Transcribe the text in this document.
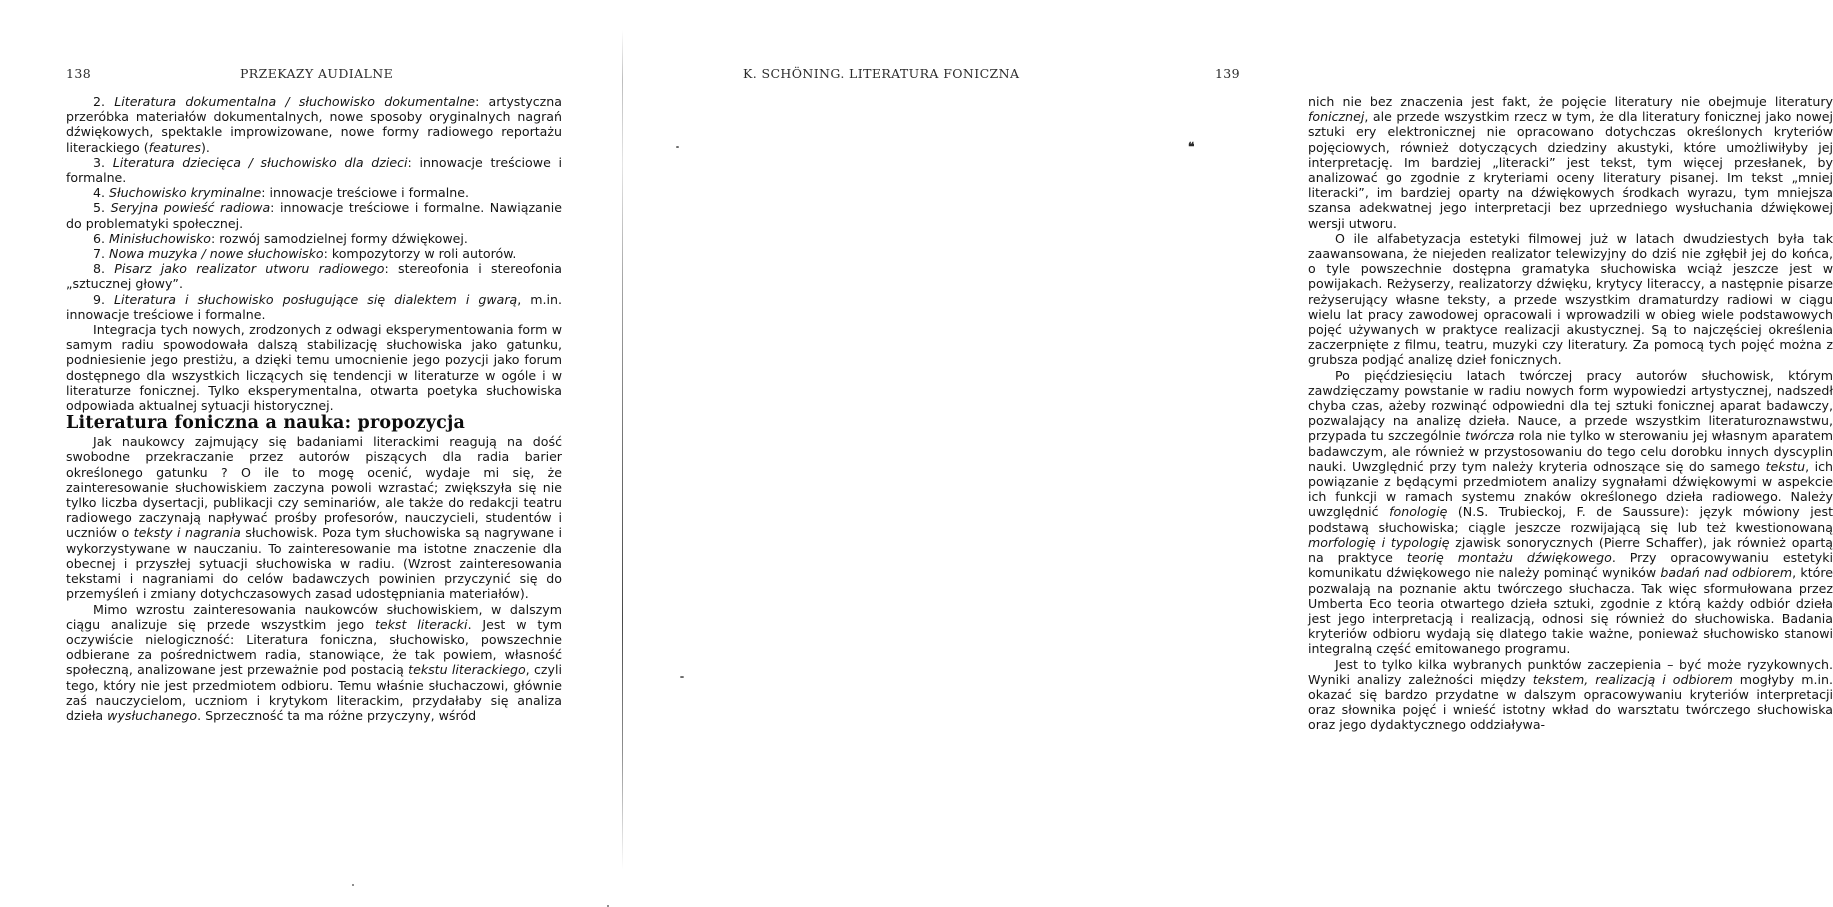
138	PRZEKAZY AUDIALNE

2. Literatura dokumentalna / słuchowisko dokumentalne: artystyczna przeróbka materiałów dokumentalnych, nowe sposoby oryginalnych nagrań dźwiękowych, spektakle improwizowane, nowe formy radiowego reportażu literackiego (features).

3. Literatura dziecięca / słuchowisko dla dzieci: innowacje treściowe i formalne.

4. Słuchowisko kryminalne: innowacje treściowe i formalne.

5. Seryjna powieść radiowa: innowacje treściowe i formalne. Nawiązanie do problematyki społecznej.

6. Minisłuchowisko: rozwój samodzielnej formy dźwiękowej.

7. Nowa muzyka / nowe słuchowisko: kompozytorzy w roli autorów.

8. Pisarz jako realizator utworu radiowego: stereofonia i stereofonia „sztucznej głowy”.

9. Literatura i słuchowisko posługujące się dialektem i gwarą, m.in. innowacje treściowe i formalne.

Integracja tych nowych, zrodzonych z odwagi eksperymentowania form w samym radiu spowodowała dalszą stabilizację słuchowiska jako gatunku, podniesienie jego prestiżu, a dzięki temu umocnienie jego pozycji jako forum dostępnego dla wszystkich liczących się tendencji w literaturze w ogóle i w literaturze fonicznej. Tylko eksperymentalna, otwarta poetyka słuchowiska odpowiada aktualnej sytuacji historycznej.

Literatura foniczna a nauka: propozycja

Jak naukowcy zajmujący się badaniami literackimi reagują na dość swobodne przekraczanie przez autorów piszących dla radia barier określonego gatunku ? O ile to mogę ocenić, wydaje mi się, że zainteresowanie słuchowiskiem zaczyna powoli wzrastać; zwiększyła się nie tylko liczba dysertacji, publikacji czy seminariów, ale także do redakcji teatru radiowego zaczynają napływać prośby profesorów, nauczycieli, studentów i uczniów o teksty i nagrania słuchowisk. Poza tym słuchowiska są nagrywane i wykorzystywane w nauczaniu. To zainteresowanie ma istotne znaczenie dla obecnej i przyszłej sytuacji słuchowiska w radiu. (Wzrost zainteresowania tekstami i nagraniami do celów badawczych powinien przyczynić się do przemyśleń i zmiany dotychczasowych zasad udostępniania materiałów).

Mimo wzrostu zainteresowania naukowców słuchowiskiem, w dalszym ciągu analizuje się przede wszystkim jego tekst literacki. Jest w tym oczywiście nielogiczność: Literatura foniczna, słuchowisko, powszechnie odbierane za pośrednictwem radia, stanowiące, że tak powiem, własność społeczną, analizowane jest przeważnie pod postacią tekstu literackiego, czyli tego, który nie jest przedmiotem odbioru. Temu właśnie słuchaczowi, głównie zaś nauczycielom, uczniom i krytykom literackim, przydałaby się analiza dzieła wysłuchanego. Sprzeczność ta ma różne przyczyny, wśród

K. SCHÖNING. LITERATURA FONICZNA	139

nich nie bez znaczenia jest fakt, że pojęcie literatury nie obejmuje literatury fonicznej, ale przede wszystkim rzecz w tym, że dla literatury fonicznej jako nowej sztuki ery elektronicznej nie opracowano dotychczas określonych kryteriów pojęciowych, również dotyczących dziedziny akustyki, które umożliwiłyby jej interpretację. Im bardziej „literacki” jest tekst, tym więcej przesłanek, by analizować go zgodnie z kryteriami oceny literatury pisanej. Im tekst „mniej literacki”, im bardziej oparty na dźwiękowych środkach wyrazu, tym mniejsza szansa adekwatnej jego interpretacji bez uprzedniego wysłuchania dźwiękowej wersji utworu.

O ile alfabetyzacja estetyki filmowej już w latach dwudziestych była tak zaawansowana, że niejeden realizator telewizyjny do dziś nie zgłębił jej do końca, o tyle powszechnie dostępna gramatyka słuchowiska wciąż jeszcze jest w powijakach. Reżyserzy, realizatorzy dźwięku, krytycy literaccy, a następnie pisarze reżyserujący własne teksty, a przede wszystkim dramaturdzy radiowi w ciągu wielu lat pracy zawodowej opracowali i wprowadzili w obieg wiele podstawowych pojęć używanych w praktyce realizacji akustycznej. Są to najczęściej określenia zaczerpnięte z filmu, teatru, muzyki czy literatury. Za pomocą tych pojęć można z grubsza podjąć analizę dzieł fonicznych.

Po pięćdziesięciu latach twórczej pracy autorów słuchowisk, którym zawdzięczamy powstanie w radiu nowych form wypowiedzi artystycznej, nadszedł chyba czas, ażeby rozwinąć odpowiedni dla tej sztuki fonicznej aparat badawczy, pozwalający na analizę dzieła. Nauce, a przede wszystkim literaturoznawstwu, przypada tu szczególnie twórcza rola nie tylko w sterowaniu jej własnym aparatem badawczym, ale również w przystosowaniu do tego celu dorobku innych dyscyplin nauki. Uwzględnić przy tym należy kryteria odnoszące się do samego tekstu, ich powiązanie z będącymi przedmiotem analizy sygnałami dźwiękowymi w aspekcie ich funkcji w ramach systemu znaków określonego dzieła radiowego. Należy uwzględnić fonologię (N.S. Trubieckoj, F. de Saussure): język mówiony jest podstawą słuchowiska; ciągle jeszcze rozwijającą się lub też kwestionowaną morfologię i typologię zjawisk sonorycznych (Pierre Schaffer), jak również opartą na praktyce teorię montażu dźwiękowego. Przy opracowywaniu estetyki komunikatu dźwiękowego nie należy pominąć wyników badań nad odbiorem, które pozwalają na poznanie aktu twórczego słuchacza. Tak więc sformułowana przez Umberta Eco teoria otwartego dzieła sztuki, zgodnie z którą każdy odbiór dzieła jest jego interpretacją i realizacją, odnosi się również do słuchowiska. Badania kryteriów odbioru wydają się dlatego takie ważne, ponieważ słuchowisko stanowi integralną część emitowanego programu.

Jest to tylko kilka wybranych punktów zaczepienia – być może ryzykownych. Wyniki analizy zależności między tekstem, realizacją i odbiorem mogłyby m.in. okazać się bardzo przydatne w dalszym opracowywaniu kryteriów interpretacji oraz słownika pojęć i wnieść istotny wkład do warsztatu twórczego słuchowiska oraz jego dydaktycznego oddziaływa-

❝
